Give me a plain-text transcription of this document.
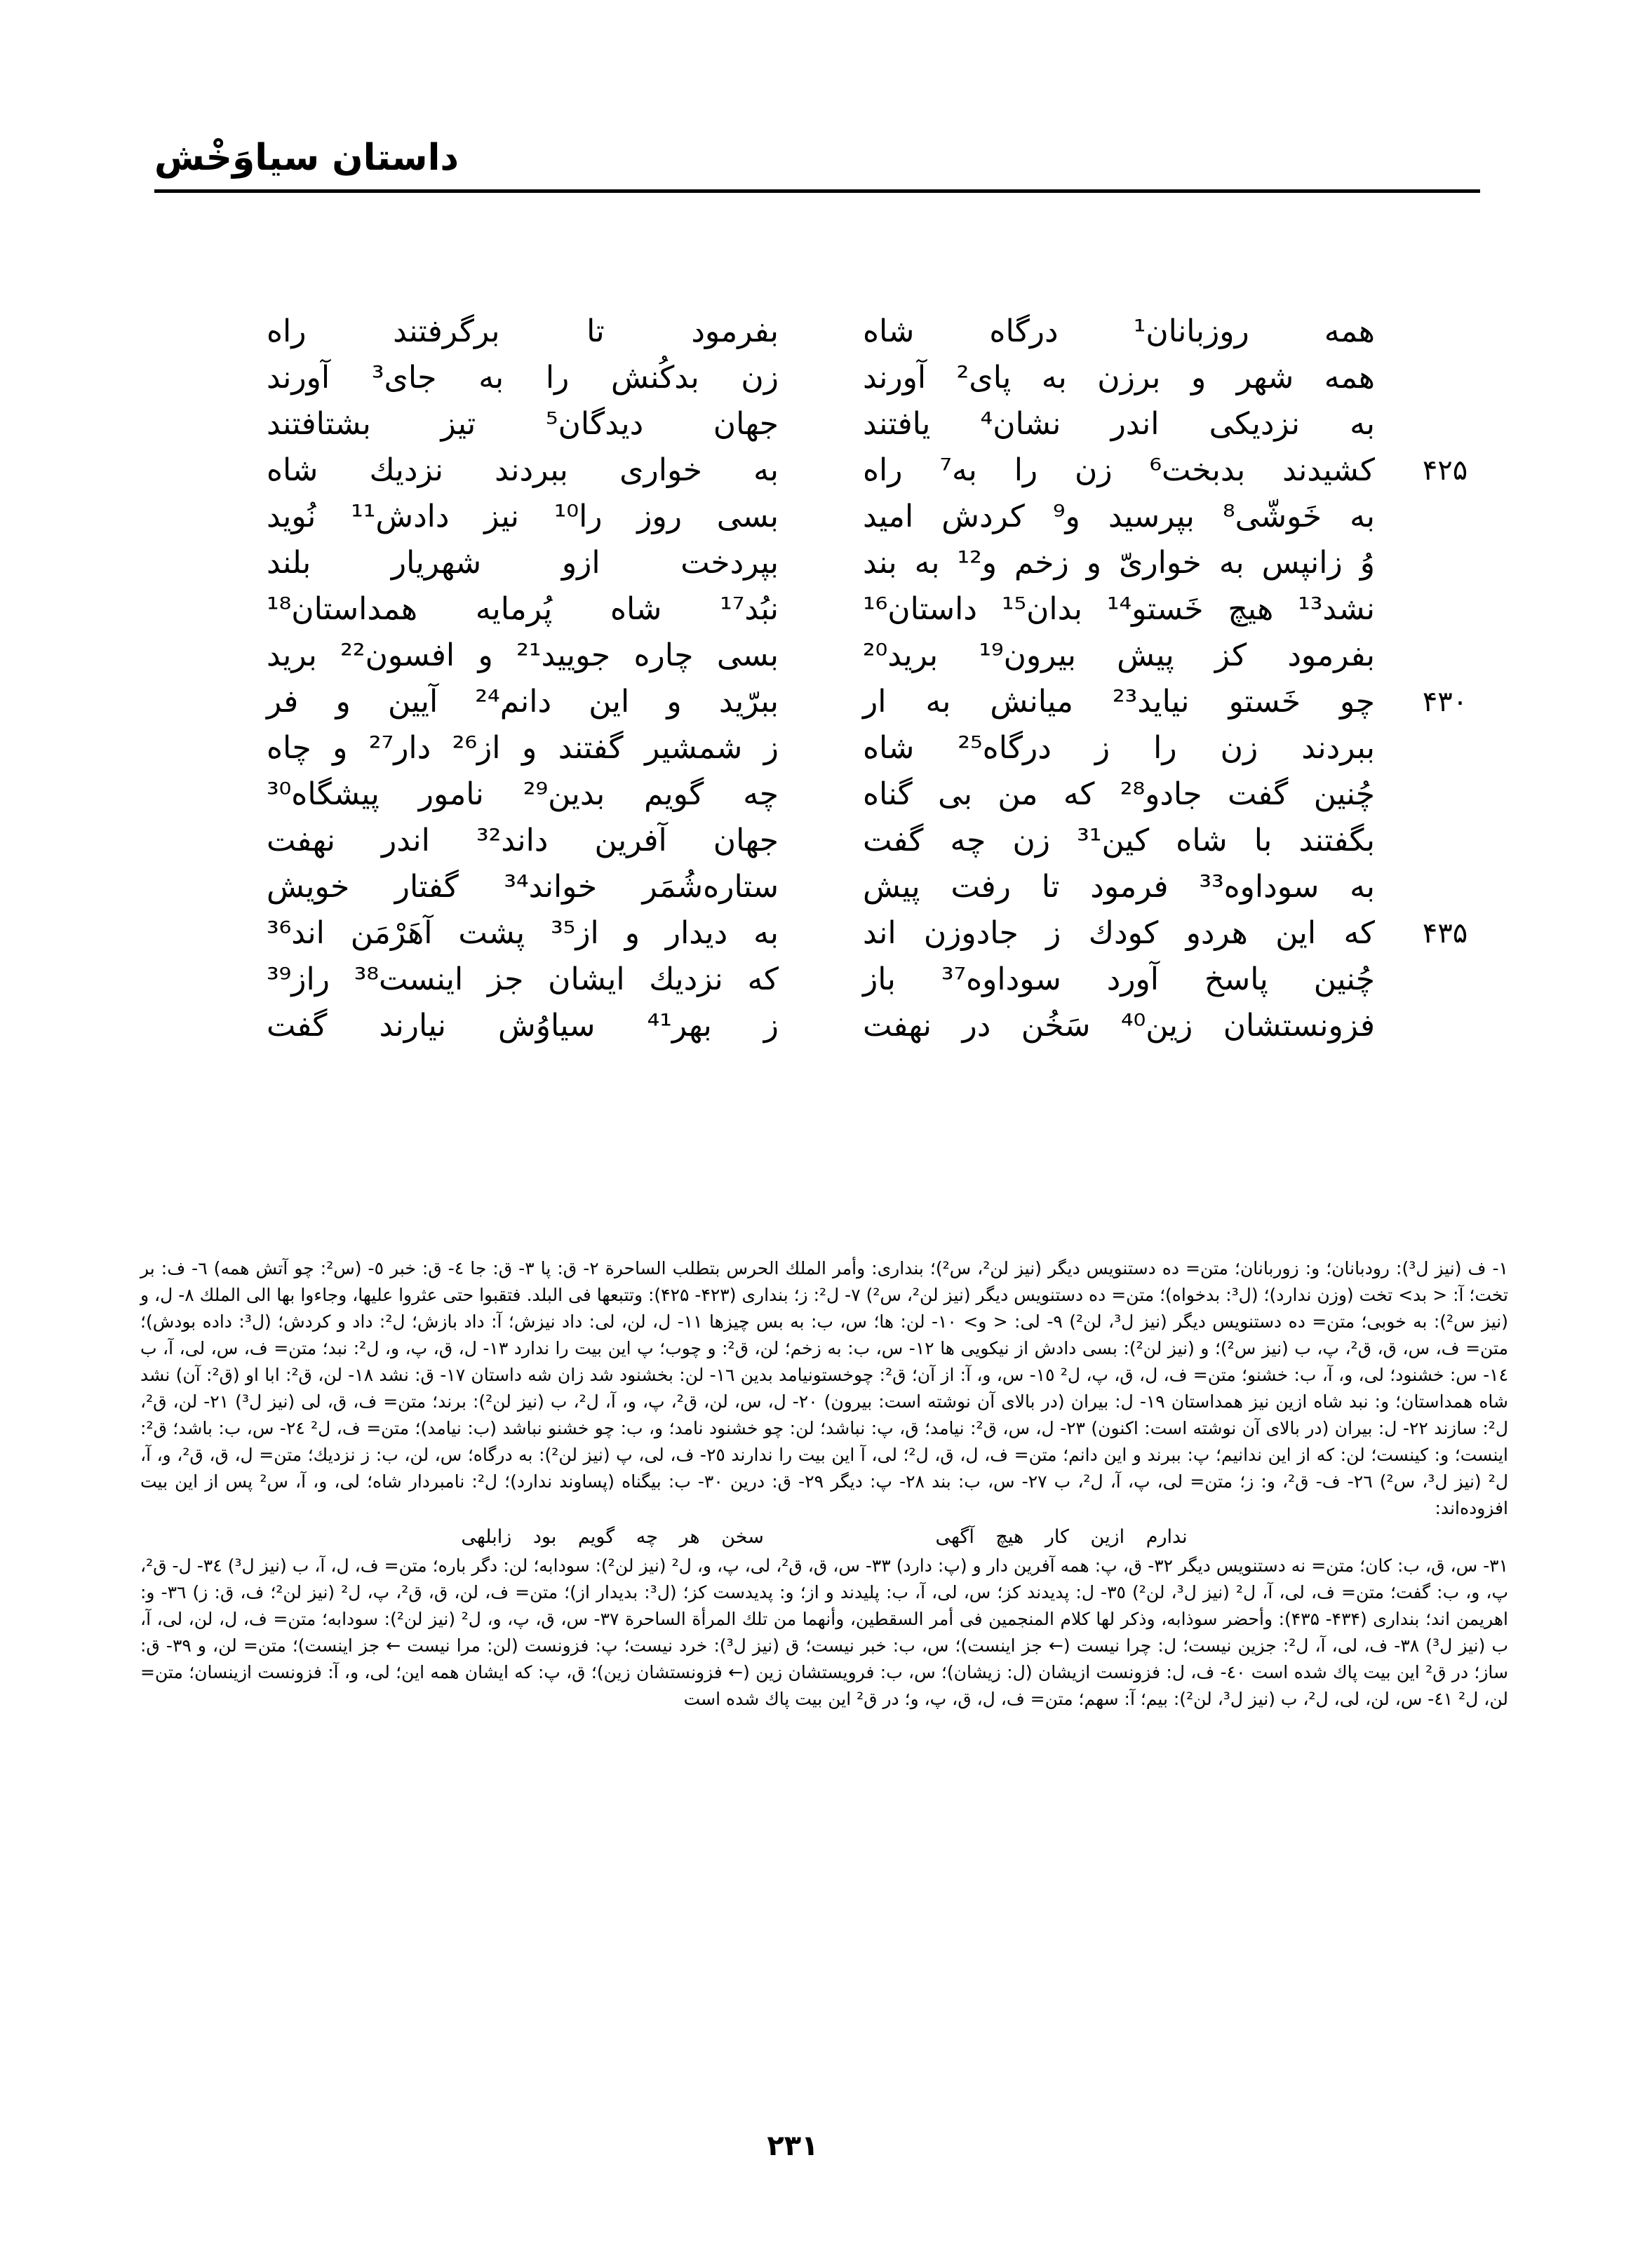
داستان سیاوَخْش
همه روزبانان¹ درگاه شاه
بفرمود تا برگرفتند راه
همه شهر و برزن به پای² آورند
زن بدکُنش را به جای³ آورند
به نزدیکی اندر نشان⁴ یافتند
جهان دیدگان⁵ تیز بشتافتند
۴۲۵
کشیدند بدبخت⁶ زن را به⁷ راه
به خواری ببردند نزدیك شاه
به خَوشّی⁸ بپرسید و⁹ کردش امید
بسی روز را¹⁰ نیز دادش¹¹ نُوید
وُ زانپس به خواریّ و زخم و¹² به بند
بپردخت ازو شهریار بلند
نشد¹³ هیچ خَستو¹⁴ بدان¹⁵ داستان¹⁶
نبُد¹⁷ شاه پُرمایه همداستان¹⁸
بفرمود کز پیش بیرون¹⁹ برید²⁰
بسی چاره جویید²¹ و افسون²² برید
۴۳۰
چو خَستو نیاید²³ میانش به ار
ببرّید و این دانم²⁴ آیین و فر
ببردند زن را ز درگاه²⁵ شاه
ز شمشیر گفتند و از²⁶ دار²⁷ و چاه
چُنین گفت جادو²⁸ که من بی گناه
چه گویم بدین²⁹ نامور پیشگاه³⁰
بگفتند با شاه کین³¹ زن چه گفت
جهان آفرین داند³² اندر نهفت
به سوداوه³³ فرمود تا رفت پیش
ستاره‌شُمَر خواند³⁴ گفتار خویش
۴۳۵
که این هردو کودك ز جادوزن اند
به دیدار و از³⁵ پشت آهَرْمَن اند³⁶
چُنین پاسخ آورد سوداوه³⁷ باز
که نزدیك ایشان جز اینست³⁸ راز³⁹
فزونستشان زین⁴⁰ سَخُن در نهفت
ز بهر⁴¹ سیاوُش نیارند گفت

۱- ف (نیز ل³): رودبانان؛ و: زوربانان؛ متن= ده دستنویس دیگر (نیز لن²، س²)؛ بنداری: وأمر الملك الحرس بتطلب الساحرة ۲- ق: پا ۳- ق: جا ٤- ق: خبر ٥- (س²: چو آتش همه) ٦- ف: بر تخت؛ آ: < بد> تخت (وزن ندارد)؛ (ل³: بدخواه)؛ متن= ده دستنویس دیگر (نیز لن²، س²) ۷- ل²: ز؛ بنداری (۴۲۳- ۴۲۵): وتتبعها فی البلد. فتقبوا حتی عثروا علیها، وجاءوا بها الی الملك ۸- ل، و (نیز س²): به خوبی؛ متن= ده دستنویس دیگر (نیز ل³، لن²) ۹- لی: < و> ۱۰- لن: ها؛ س، ب: به بس چیزها ۱۱- ل، لن، لی: داد نیزش؛ آ: داد بازش؛ ل²: داد و کردش؛ (ل³: داده بودش)؛ متن= ف، س، ق، ق²، پ، ب (نیز س²)؛ و (نیز لن²): بسی دادش از نیکویی ها ۱۲- س، ب: به زخم؛ لن، ق²: و چوب؛ پ این بیت را ندارد ۱۳- ل، ق، پ، و، ل²: نبد؛ متن= ف، س، لی، آ، ب ۱٤- س: خشنود؛ لی، و، آ، ب: خشنو؛ متن= ف، ل، ق، پ، ل² ۱٥- س، و، آ: از آن؛ ق²: چوخستونیامد بدین ۱٦- لن: بخشنود شد زان شه داستان ۱۷- ق: نشد ۱۸- لن، ق²: ابا او (ق²: آن) نشد شاه همداستان؛ و: نبد شاه ازین نیز همداستان ۱۹- ل: بیران (در بالای آن نوشته است: بیرون) ۲۰- ل، س، لن، ق²، پ، و، آ، ل²، ب (نیز لن²): برند؛ متن= ف، ق، لی (نیز ل³) ۲۱- لن، ق²، ل²: سازند ۲۲- ل: بیران (در بالای آن نوشته است: اکنون) ۲۳- ل، س، ق²: نیامد؛ ق، پ: نباشد؛ لن: چو خشنود نامد؛ و، ب: چو خشنو نباشد (ب: نیامد)؛ متن= ف، ل² ۲٤- س، ب: باشد؛ ق²: اینست؛ و: کینست؛ لن: که از این ندانیم؛ پ: ببرند و این دانم؛ متن= ف، ل، ق، ل²؛ لی، آ این بیت را ندارند ۲٥- ف، لی، پ (نیز لن²): به درگاه؛ س، لن، ب: ز نزدیك؛ متن= ل، ق، ق²، و، آ، ل² (نیز ل³، س²) ۲٦- ف- ق²، و: ز؛ متن= لی، پ، آ، ل²، ب ۲۷- س، ب: بند ۲۸- پ: دیگر ۲۹- ق: درین ۳۰- ب: بیگناه (پساوند ندارد)؛ ل²: نامبردار شاه؛ لی، و، آ، س² پس از این بیت افزوده‌اند:

ندارم ازین کار هیچ آگهی        سخن هر چه گویم بود زابلهی

۳۱- س، ق، ب: کان؛ متن= نه دستنویس دیگر ۳۲- ق، پ: همه آفرین دار و (پ: دارد) ۳۳- س، ق، ق²، لی، پ، و، ل² (نیز لن²): سودابه؛ لن: دگر باره؛ متن= ف، ل، آ، ب (نیز ل³) ۳٤- ل- ق²، پ، و، ب: گفت؛ متن= ف، لی، آ، ل² (نیز ل³، لن²) ۳٥- ل: پدیدند کز؛ س، لی، آ، ب: پلیدند و از؛ و: پدیدست کز؛ (ل³: بدیدار از)؛ متن= ف، لن، ق، ق²، پ، ل² (نیز لن²؛ ف، ق: ز) ۳٦- و: اهریمن اند؛ بنداری (۴۳۴- ۴۳۵): وأحضر سوذابه، وذکر لها کلام المنجمین فی أمر السقطین، وأنهما من تلك المرأة الساحرة ۳۷- س، ق، پ، و، ل² (نیز لن²): سودابه؛ متن= ف، ل، لن، لی، آ، ب (نیز ل³) ۳۸- ف، لی، آ، ل²: جزین نیست؛ ل: چرا نیست (← جز اینست)؛ س، ب: خبر نیست؛ ق (نیز ل³): خرد نیست؛ پ: فزونست (لن: مرا نیست ← جز اینست)؛ متن= لن، و ۳۹- ق: ساز؛ در ق² این بیت پاك شده است ٤۰- ف، ل: فزونست ازیشان (ل: زیشان)؛ س، ب: فرویستشان زین (← فزونستشان زین)؛ ق، پ: که ایشان همه این؛ لی، و، آ: فزونست ازینسان؛ متن= لن، ل² ٤۱- س، لن، لی، ل²، ب (نیز ل³، لن²): بیم؛ آ: سهم؛ متن= ف، ل، ق، پ، و؛ در ق² این بیت پاك شده است

۲۳۱
